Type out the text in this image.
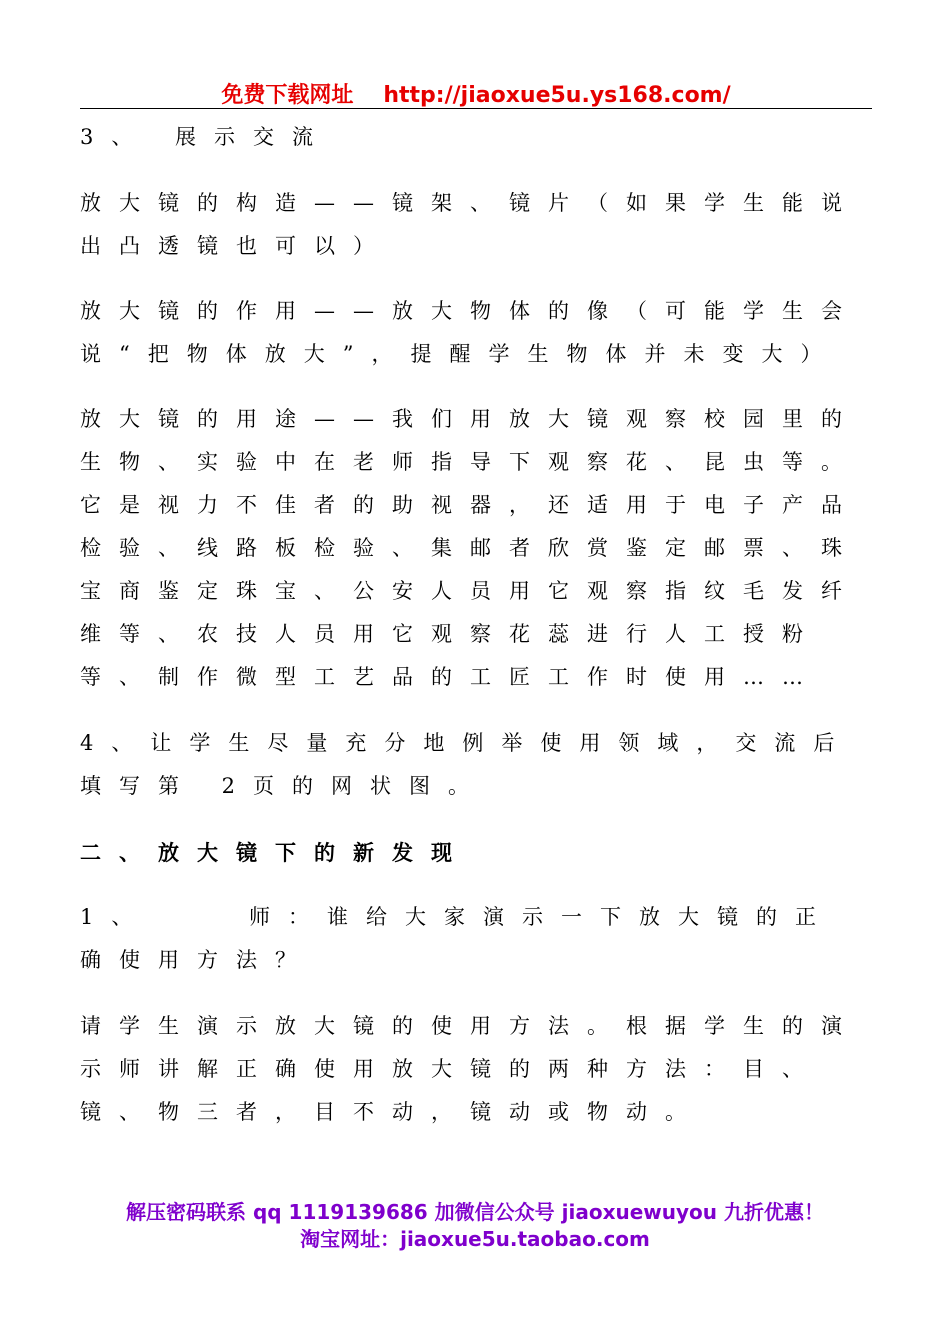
免费下载网址 http://jiaoxue5u.ys168.com/

3、 展示交流

放大镜的构造——镜架、镜片（如果学生能说出凸透镜也可以）

放大镜的作用——放大物体的像（可能学生会说“把物体放大”，提醒学生物体并未变大）

放大镜的用途——我们用放大镜观察校园里的生物、实验中在老师指导下观察花、昆虫等。它是视力不佳者的助视器，还适用于电子产品检验、线路板检验、集邮者欣赏鉴定邮票、珠宝商鉴定珠宝、公安人员用它观察指纹毛发纤维等、农技人员用它观察花蕊进行人工授粉等、制作微型工艺品的工匠工作时使用……

4、让学生尽量充分地例举使用领域，交流后填写第 2页的网状图。

二、放大镜下的新发现

1、    师：谁给大家演示一下放大镜的正确使用方法？

请学生演示放大镜的使用方法。根据学生的演示师讲解正确使用放大镜的两种方法：目、镜、物三者，目不动，镜动或物动。

解压密码联系 qq 1119139686 加微信公众号 jiaoxuewuyou 九折优惠！
淘宝网址：jiaoxue5u.taobao.com
